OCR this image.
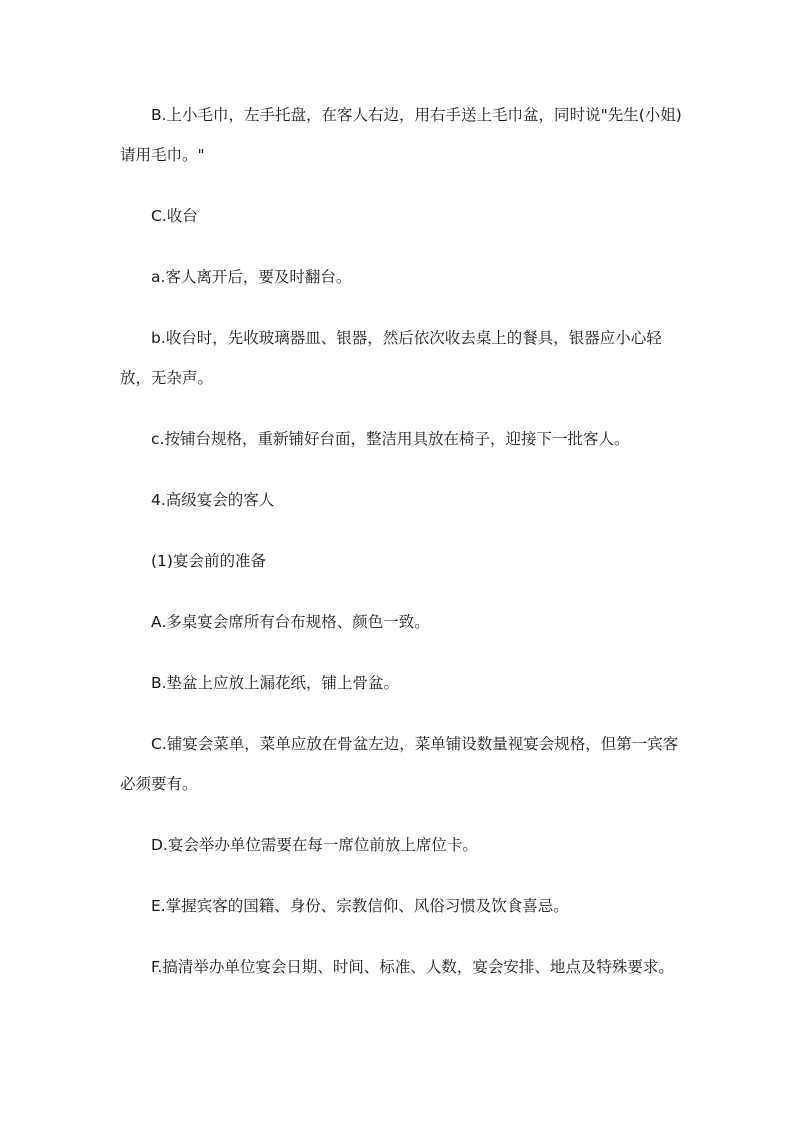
B.上小毛巾，左手托盘，在客人右边，用右手送上毛巾盆，同时说"先生(小姐)请用毛巾。"

C.收台

a.客人离开后，要及时翻台。

b.收台时，先收玻璃器皿、银器，然后依次收去桌上的餐具，银器应小心轻放，无杂声。

c.按铺台规格，重新铺好台面，整洁用具放在椅子，迎接下一批客人。

4.高级宴会的客人

(1)宴会前的准备

A.多桌宴会席所有台布规格、颜色一致。

B.垫盆上应放上漏花纸，铺上骨盆。

C.铺宴会菜单，菜单应放在骨盆左边，菜单铺设数量视宴会规格，但第一宾客必须要有。

D.宴会举办单位需要在每一席位前放上席位卡。

E.掌握宾客的国籍、身份、宗教信仰、风俗习惯及饮食喜忌。

F.搞清举办单位宴会日期、时间、标准、人数，宴会安排、地点及特殊要求。
